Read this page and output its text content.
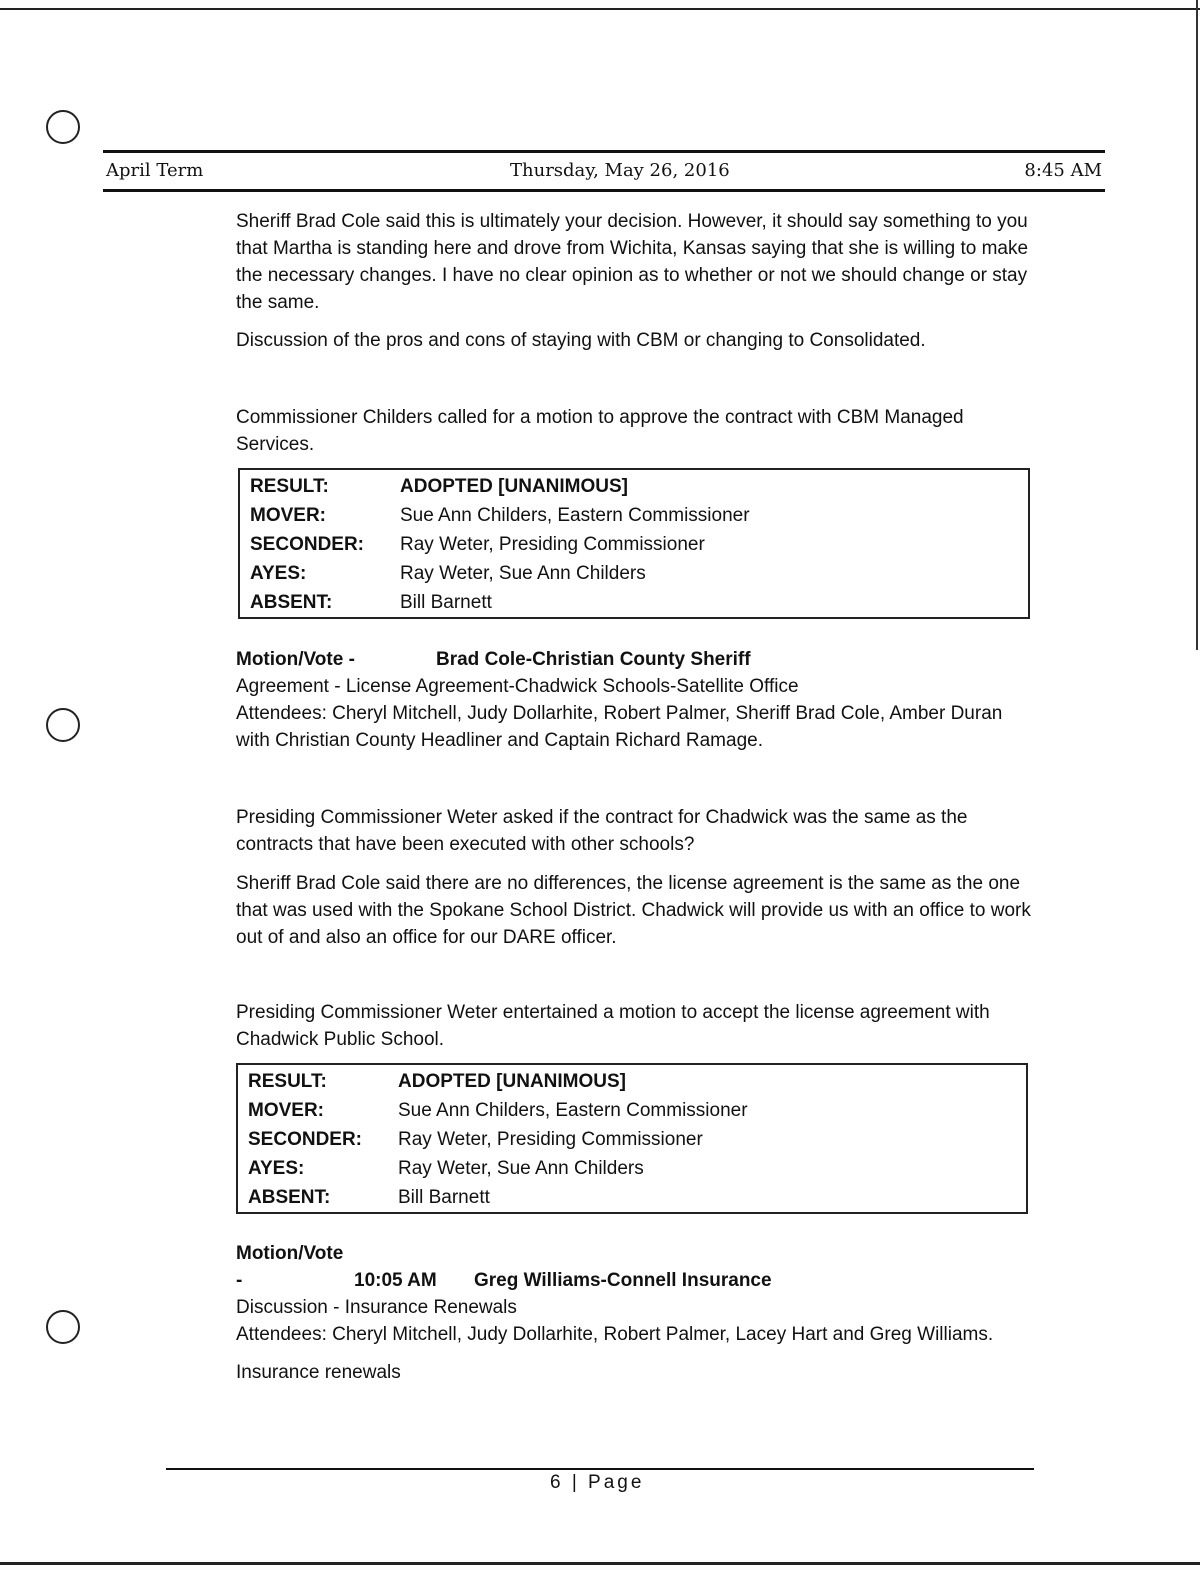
April Term	Thursday, May 26, 2016	8:45 AM
Sheriff Brad Cole said this is ultimately your decision. However, it should say something to you that Martha is standing here and drove from Wichita, Kansas saying that she is willing to make the necessary changes. I have no clear opinion as to whether or not we should change or stay the same.
Discussion of the pros and cons of staying with CBM or changing to Consolidated.
Commissioner Childers called for a motion to approve the contract with CBM Managed Services.
RESULT:	ADOPTED [UNANIMOUS]
MOVER:	Sue Ann Childers, Eastern Commissioner
SECONDER:	Ray Weter, Presiding Commissioner
AYES:	Ray Weter, Sue Ann Childers
ABSENT:	Bill Barnett
Motion/Vote -	Brad Cole-Christian County Sheriff
Agreement - License Agreement-Chadwick Schools-Satellite Office
Attendees: Cheryl Mitchell, Judy Dollarhite, Robert Palmer, Sheriff Brad Cole, Amber Duran with Christian County Headliner and Captain Richard Ramage.
Presiding Commissioner Weter asked if the contract for Chadwick was the same as the contracts that have been executed with other schools?
Sheriff Brad Cole said there are no differences, the license agreement is the same as the one that was used with the Spokane School District. Chadwick will provide us with an office to work out of and also an office for our DARE officer.
Presiding Commissioner Weter entertained a motion to accept the license agreement with Chadwick Public School.
RESULT:	ADOPTED [UNANIMOUS]
MOVER:	Sue Ann Childers, Eastern Commissioner
SECONDER:	Ray Weter, Presiding Commissioner
AYES:	Ray Weter, Sue Ann Childers
ABSENT:	Bill Barnett
Motion/Vote -	10:05 AM Greg Williams-Connell Insurance
Discussion - Insurance Renewals
Attendees: Cheryl Mitchell, Judy Dollarhite, Robert Palmer, Lacey Hart and Greg Williams.
Insurance renewals
6 | Page
